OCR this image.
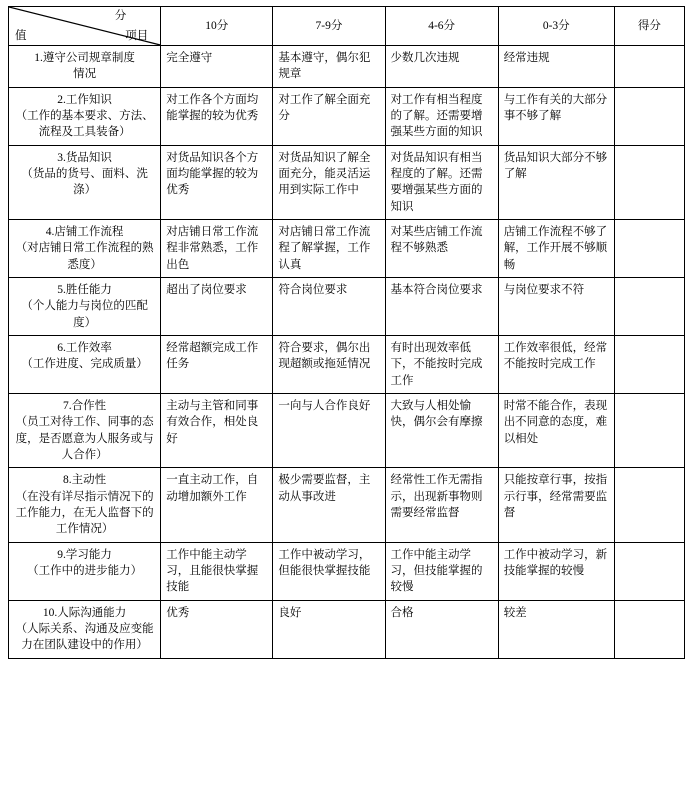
分
项目
值	10分	7-9分	4-6分	0-3分	得分

1.遵守公司规章制度
情况	完全遵守	基本遵守，偶尔犯规章	少数几次违规	经常违规	

2.工作知识
（工作的基本要求、方法、流程及工具装备）	对工作各个方面均能掌握的较为优秀	对工作了解全面充分	对工作有相当程度的了解。还需要增强某些方面的知识	与工作有关的大部分事不够了解	

3.货品知识
（货品的货号、面料、洗涤）	对货品知识各个方面均能掌握的较为优秀	对货品知识了解全面充分，能灵活运用到实际工作中	对货品知识有相当程度的了解。还需要增强某些方面的知识	货品知识大部分不够了解	

4.店铺工作流程
（对店铺日常工作流程的熟悉度）	对店铺日常工作流程非常熟悉，工作出色	对店铺日常工作流程了解掌握，工作认真	对某些店铺工作流程不够熟悉	店铺工作流程不够了解，工作开展不够顺畅	

5.胜任能力
（个人能力与岗位的匹配度）	超出了岗位要求	符合岗位要求	基本符合岗位要求	与岗位要求不符	

6.工作效率
（工作进度、完成质量）	经常超额完成工作任务	符合要求，偶尔出现超额或拖延情况	有时出现效率低下，不能按时完成工作	工作效率很低，经常不能按时完成工作	

7.合作性
（员工对待工作、同事的态度，是否愿意为人服务或与人合作）	主动与主管和同事有效合作，相处良好	一向与人合作良好	大致与人相处愉快，偶尔会有摩擦	时常不能合作，表现出不同意的态度，难以相处	

8.主动性
（在没有详尽指示情况下的工作能力，在无人监督下的工作情况）	一直主动工作，自动增加额外工作	极少需要监督，主动从事改进	经常性工作无需指示，出现新事物则需要经常监督	只能按章行事，按指示行事，经常需要监督	

9.学习能力
（工作中的进步能力）	工作中能主动学习，且能很快掌握技能	工作中被动学习，但能很快掌握技能	工作中能主动学习，但技能掌握的较慢	工作中被动学习，新技能掌握的较慢	

10.人际沟通能力
（人际关系、沟通及应变能力在团队建设中的作用）	优秀	良好	合格	较差	
